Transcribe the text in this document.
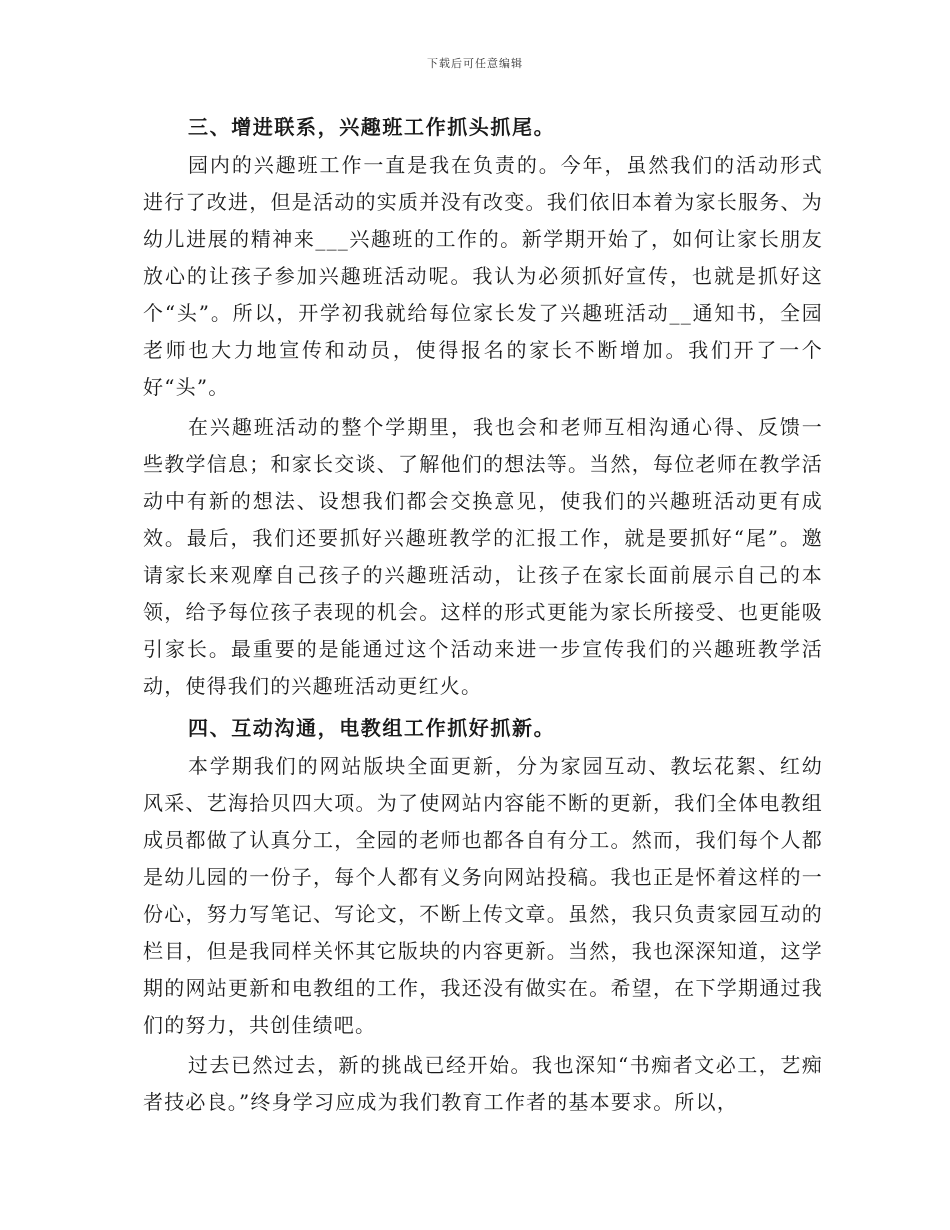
下载后可任意编辑
三、增进联系，兴趣班工作抓头抓尾。

园内的兴趣班工作一直是我在负责的。今年，虽然我们的活动形式进行了改进，但是活动的实质并没有改变。我们依旧本着为家长服务、为幼儿进展的精神来___兴趣班的工作的。新学期开始了，如何让家长朋友放心的让孩子参加兴趣班活动呢。我认为必须抓好宣传，也就是抓好这个“头”。所以，开学初我就给每位家长发了兴趣班活动__通知书，全园老师也大力地宣传和动员，使得报名的家长不断增加。我们开了一个好“头”。

在兴趣班活动的整个学期里，我也会和老师互相沟通心得、反馈一些教学信息；和家长交谈、了解他们的想法等。当然，每位老师在教学活动中有新的想法、设想我们都会交换意见，使我们的兴趣班活动更有成效。最后，我们还要抓好兴趣班教学的汇报工作，就是要抓好“尾”。邀请家长来观摩自己孩子的兴趣班活动，让孩子在家长面前展示自己的本领，给予每位孩子表现的机会。这样的形式更能为家长所接受、也更能吸引家长。最重要的是能通过这个活动来进一步宣传我们的兴趣班教学活动，使得我们的兴趣班活动更红火。

四、互动沟通，电教组工作抓好抓新。

本学期我们的网站版块全面更新，分为家园互动、教坛花絮、红幼风采、艺海拾贝四大项。为了使网站内容能不断的更新，我们全体电教组成员都做了认真分工，全园的老师也都各自有分工。然而，我们每个人都是幼儿园的一份子，每个人都有义务向网站投稿。我也正是怀着这样的一份心，努力写笔记、写论文，不断上传文章。虽然，我只负责家园互动的栏目，但是我同样关怀其它版块的内容更新。当然，我也深深知道，这学期的网站更新和电教组的工作，我还没有做实在。希望，在下学期通过我们的努力，共创佳绩吧。

过去已然过去，新的挑战已经开始。我也深知“书痴者文必工，艺痴者技必良。”终身学习应成为我们教育工作者的基本要求。所以，
